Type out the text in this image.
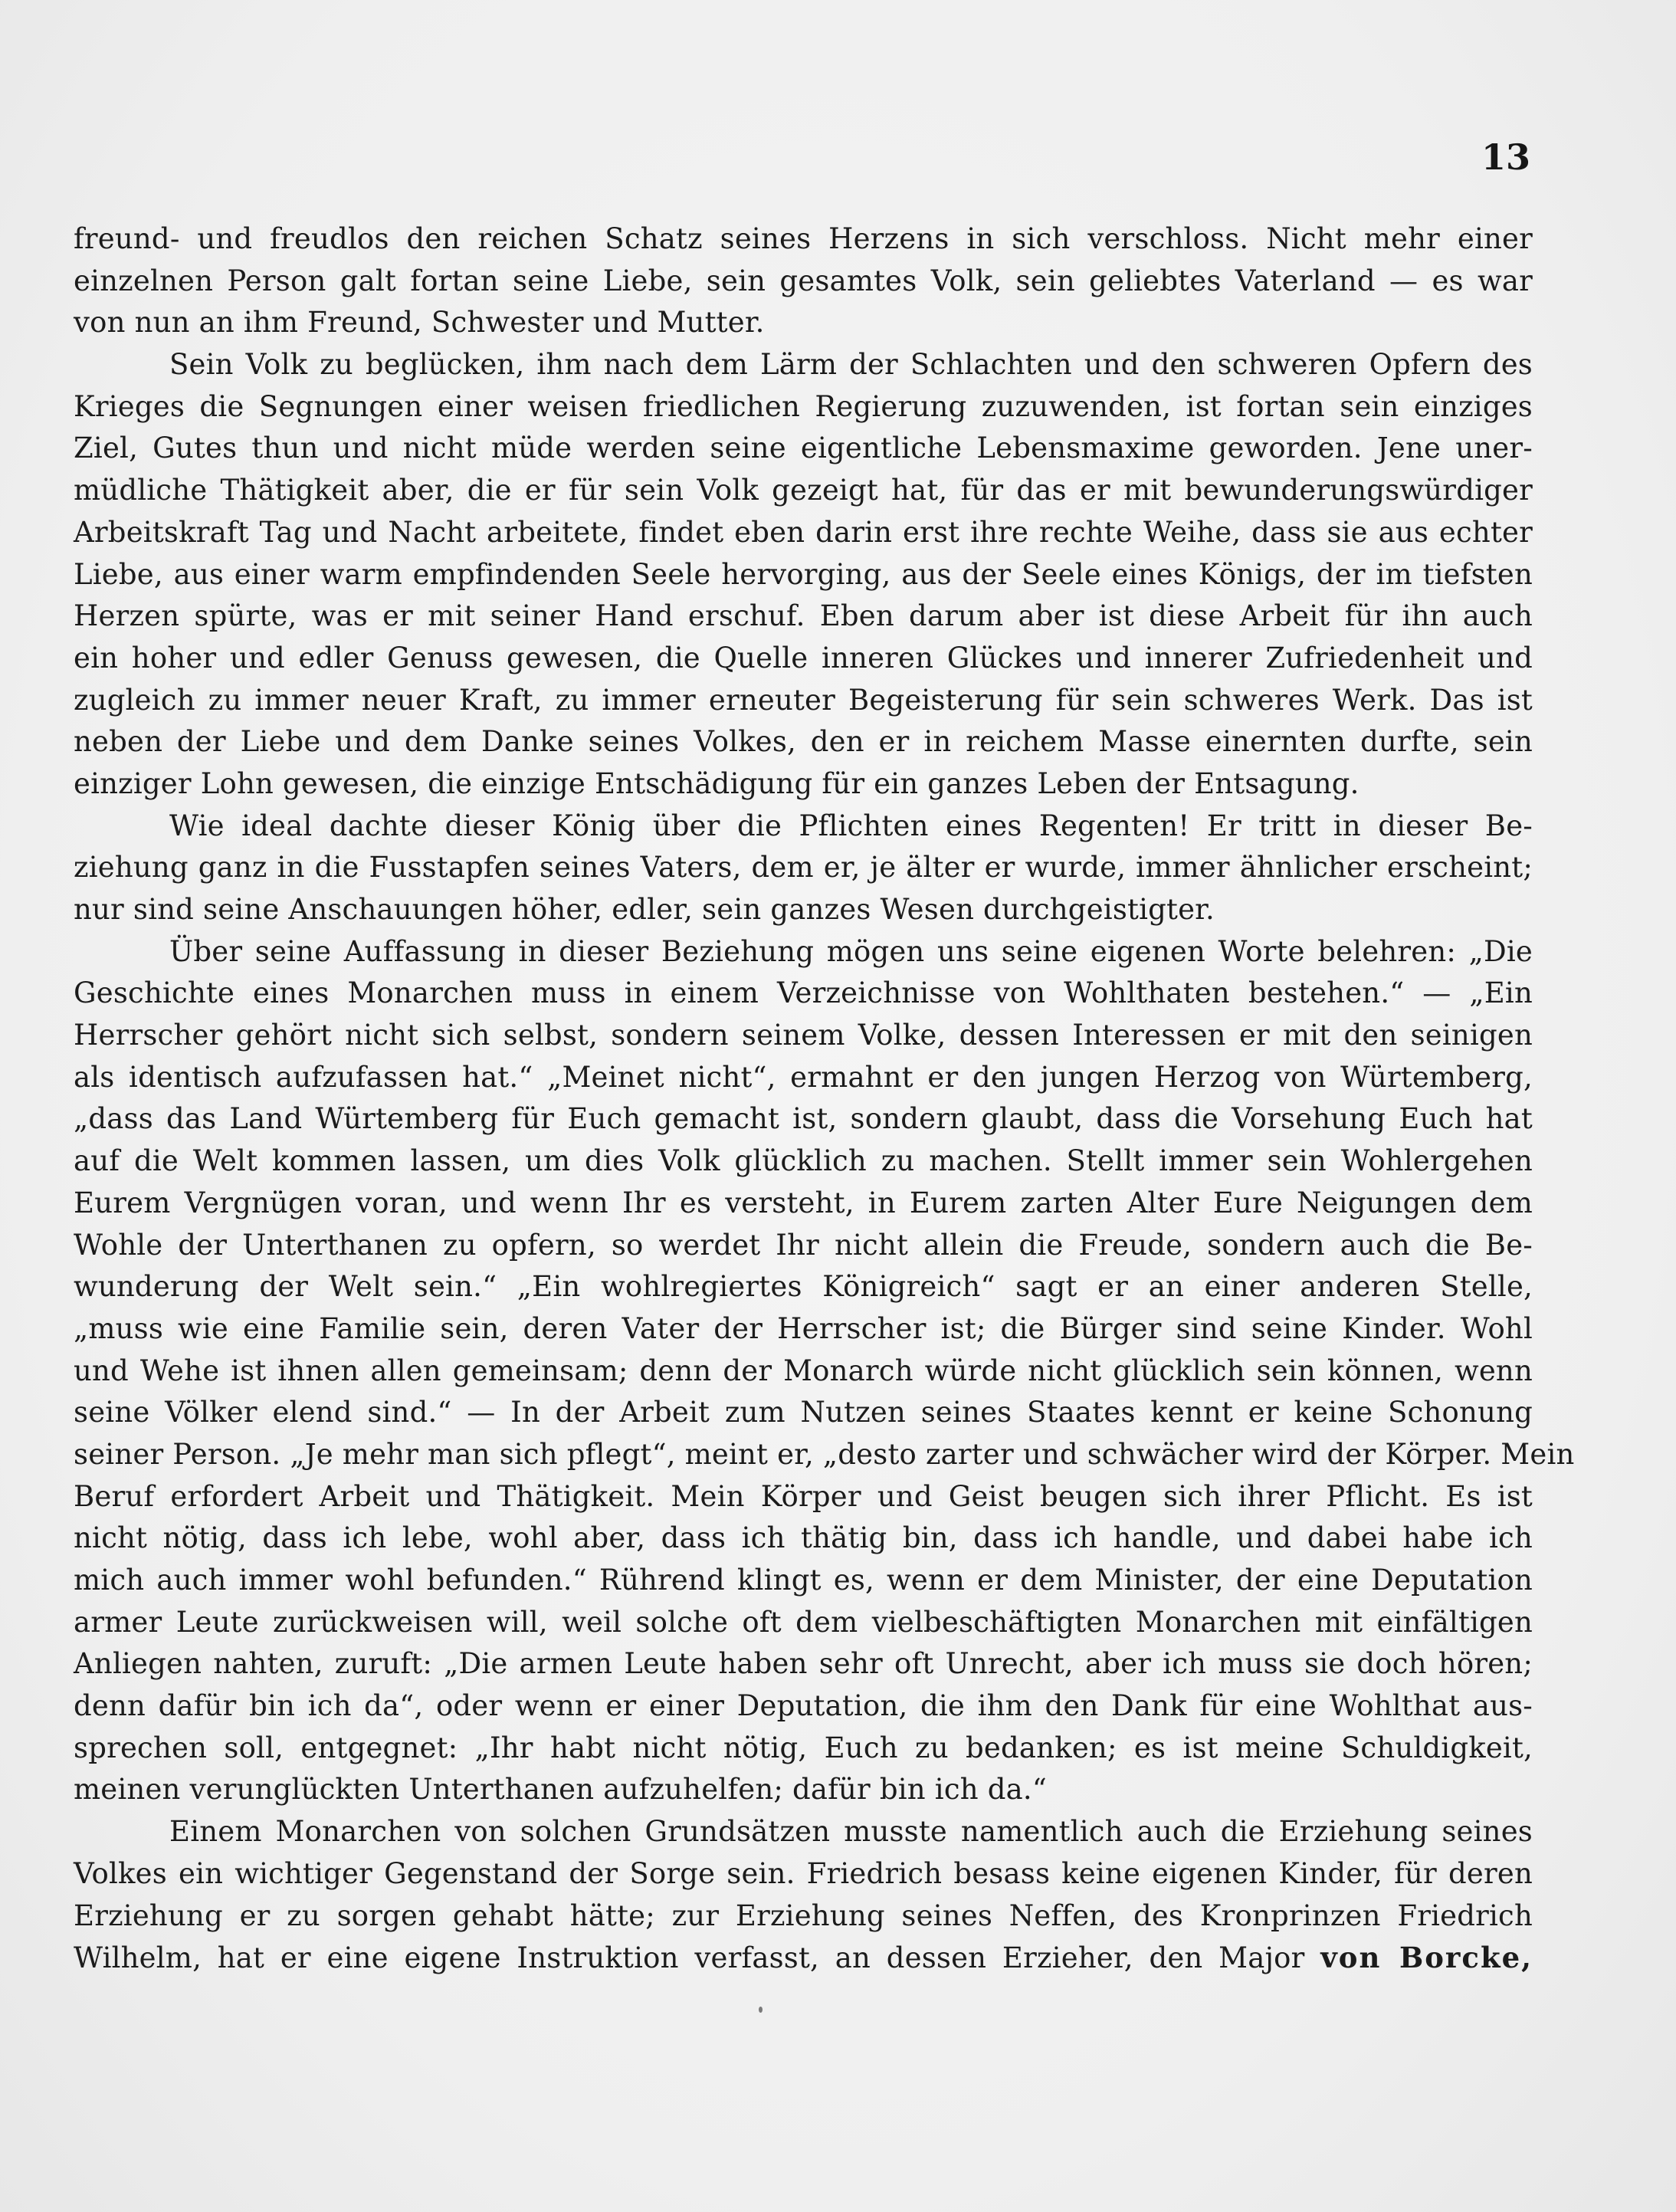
13
freund- und freudlos den reichen Schatz seines Herzens in sich verschloss. Nicht mehr einer
einzelnen Person galt fortan seine Liebe, sein gesamtes Volk, sein geliebtes Vaterland — es war
von nun an ihm Freund, Schwester und Mutter.
Sein Volk zu beglücken, ihm nach dem Lärm der Schlachten und den schweren Opfern des
Krieges die Segnungen einer weisen friedlichen Regierung zuzuwenden, ist fortan sein einziges
Ziel, Gutes thun und nicht müde werden seine eigentliche Lebensmaxime geworden. Jene uner-
müdliche Thätigkeit aber, die er für sein Volk gezeigt hat, für das er mit bewunderungswürdiger
Arbeitskraft Tag und Nacht arbeitete, findet eben darin erst ihre rechte Weihe, dass sie aus echter
Liebe, aus einer warm empfindenden Seele hervorging, aus der Seele eines Königs, der im tiefsten
Herzen spürte, was er mit seiner Hand erschuf. Eben darum aber ist diese Arbeit für ihn auch
ein hoher und edler Genuss gewesen, die Quelle inneren Glückes und innerer Zufriedenheit und
zugleich zu immer neuer Kraft, zu immer erneuter Begeisterung für sein schweres Werk. Das ist
neben der Liebe und dem Danke seines Volkes, den er in reichem Masse einernten durfte, sein
einziger Lohn gewesen, die einzige Entschädigung für ein ganzes Leben der Entsagung.
Wie ideal dachte dieser König über die Pflichten eines Regenten! Er tritt in dieser Be-
ziehung ganz in die Fusstapfen seines Vaters, dem er, je älter er wurde, immer ähnlicher erscheint;
nur sind seine Anschauungen höher, edler, sein ganzes Wesen durchgeistigter.
Über seine Auffassung in dieser Beziehung mögen uns seine eigenen Worte belehren: „Die
Geschichte eines Monarchen muss in einem Verzeichnisse von Wohlthaten bestehen.“ — „Ein
Herrscher gehört nicht sich selbst, sondern seinem Volke, dessen Interessen er mit den seinigen
als identisch aufzufassen hat.“ „Meinet nicht“, ermahnt er den jungen Herzog von Würtemberg,
„dass das Land Würtemberg für Euch gemacht ist, sondern glaubt, dass die Vorsehung Euch hat
auf die Welt kommen lassen, um dies Volk glücklich zu machen. Stellt immer sein Wohlergehen
Eurem Vergnügen voran, und wenn Ihr es versteht, in Eurem zarten Alter Eure Neigungen dem
Wohle der Unterthanen zu opfern, so werdet Ihr nicht allein die Freude, sondern auch die Be-
wunderung der Welt sein.“ „Ein wohlregiertes Königreich“ sagt er an einer anderen Stelle,
„muss wie eine Familie sein, deren Vater der Herrscher ist; die Bürger sind seine Kinder. Wohl
und Wehe ist ihnen allen gemeinsam; denn der Monarch würde nicht glücklich sein können, wenn
seine Völker elend sind.“ — In der Arbeit zum Nutzen seines Staates kennt er keine Schonung
seiner Person. „Je mehr man sich pflegt“, meint er, „desto zarter und schwächer wird der Körper. Mein
Beruf erfordert Arbeit und Thätigkeit. Mein Körper und Geist beugen sich ihrer Pflicht. Es ist
nicht nötig, dass ich lebe, wohl aber, dass ich thätig bin, dass ich handle, und dabei habe ich
mich auch immer wohl befunden.“ Rührend klingt es, wenn er dem Minister, der eine Deputation
armer Leute zurückweisen will, weil solche oft dem vielbeschäftigten Monarchen mit einfältigen
Anliegen nahten, zuruft: „Die armen Leute haben sehr oft Unrecht, aber ich muss sie doch hören;
denn dafür bin ich da“, oder wenn er einer Deputation, die ihm den Dank für eine Wohlthat aus-
sprechen soll, entgegnet: „Ihr habt nicht nötig, Euch zu bedanken; es ist meine Schuldigkeit,
meinen verunglückten Unterthanen aufzuhelfen; dafür bin ich da.“
Einem Monarchen von solchen Grundsätzen musste namentlich auch die Erziehung seines
Volkes ein wichtiger Gegenstand der Sorge sein. Friedrich besass keine eigenen Kinder, für deren
Erziehung er zu sorgen gehabt hätte; zur Erziehung seines Neffen, des Kronprinzen Friedrich
Wilhelm, hat er eine eigene Instruktion verfasst, an dessen Erzieher, den Major von Borcke,
